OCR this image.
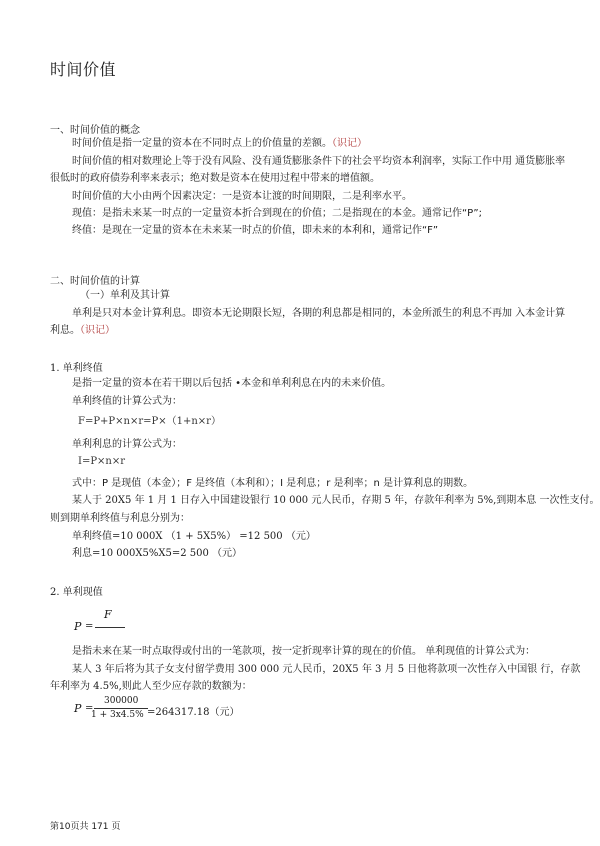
时间价值
一、时间价值的概念
时间价值是指一定量的资本在不同时点上的价值量的差额。（识记）
时间价值的相对数理论上等于没有风险、没有通货膨胀条件下的社会平均资本利润率，实际工作中用 通货膨胀率
很低时的政府债券利率来表示；绝对数是资本在使用过程中带来的增值额。
时间价值的大小由两个因素决定：一是资本让渡的时间期限，二是利率水平。
现值：是指未来某一时点的一定量资本折合到现在的价值；二是指现在的本金。通常记作“P”;
终值：是现在一定量的资本在未来某一时点的价值，即未来的本利和，通常记作“F”
二、时间价值的计算
（一）单利及其计算
单利是只对本金计算利息。即资本无论期限长短，各期的利息都是相同的，本金所派生的利息不再加 入本金计算
利息。（识记）
1. 单利终值
是指一定量的资本在若干期以后包括 •本金和单利利息在内的未来价值。
单利终值的计算公式为：
F=P+P×n×r=P×（1+n×r）
单利利息的计算公式为：
I=P×n×r
式中：P 是现值（本金）；F 是终值（本利和）；I 是利息；r 是利率；n 是计算利息的期数。
某人于 20X5 年 1 月 1 日存入中国建设银行 10 000 元人民币，存期 5 年，存款年利率为 5%,到期本息 一次性支付。
则到期单利终值与利息分别为：
单利终值=10 000X （1 + 5X5%） =12 500 （元）
利息=10 000X5%X5=2 500 （元）
2. 单利现值
P =
F
是指未来在某一时点取得或付出的一笔款项，按一定折现率计算的现在的价值。 单利现值的计算公式为：
某人 3 年后将为其子女支付留学费用 300 000 元人民币，20X5 年 3 月 5 日他将款项一次性存入中国银 行，存款
年利率为 4.5%,则此人至少应存款的数额为：
P =
300000
1 + 3x4.5% =264317.18（元）
第10页共 171 页
